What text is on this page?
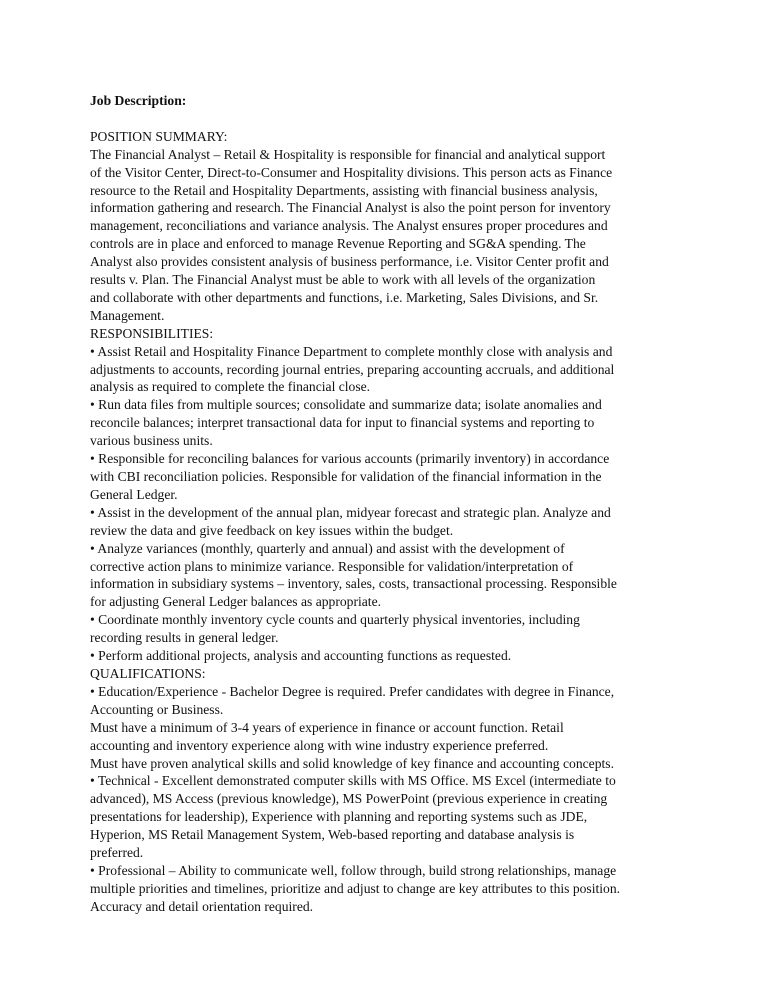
Job Description:
POSITION SUMMARY:
The Financial Analyst – Retail & Hospitality is responsible for financial and analytical support
of the Visitor Center, Direct-to-Consumer and Hospitality divisions. This person acts as Finance
resource to the Retail and Hospitality Departments, assisting with financial business analysis,
information gathering and research. The Financial Analyst is also the point person for inventory
management, reconciliations and variance analysis. The Analyst ensures proper procedures and
controls are in place and enforced to manage Revenue Reporting and SG&A spending. The
Analyst also provides consistent analysis of business performance, i.e. Visitor Center profit and
results v. Plan. The Financial Analyst must be able to work with all levels of the organization
and collaborate with other departments and functions, i.e. Marketing, Sales Divisions, and Sr.
Management.
RESPONSIBILITIES:
• Assist Retail and Hospitality Finance Department to complete monthly close with analysis and
adjustments to accounts, recording journal entries, preparing accounting accruals, and additional
analysis as required to complete the financial close.
• Run data files from multiple sources; consolidate and summarize data; isolate anomalies and
reconcile balances; interpret transactional data for input to financial systems and reporting to
various business units.
• Responsible for reconciling balances for various accounts (primarily inventory) in accordance
with CBI reconciliation policies. Responsible for validation of the financial information in the
General Ledger.
• Assist in the development of the annual plan, midyear forecast and strategic plan. Analyze and
review the data and give feedback on key issues within the budget.
• Analyze variances (monthly, quarterly and annual) and assist with the development of
corrective action plans to minimize variance. Responsible for validation/interpretation of
information in subsidiary systems – inventory, sales, costs, transactional processing. Responsible
for adjusting General Ledger balances as appropriate.
• Coordinate monthly inventory cycle counts and quarterly physical inventories, including
recording results in general ledger.
• Perform additional projects, analysis and accounting functions as requested.
QUALIFICATIONS:
• Education/Experience - Bachelor Degree is required. Prefer candidates with degree in Finance,
Accounting or Business.
Must have a minimum of 3-4 years of experience in finance or account function. Retail
accounting and inventory experience along with wine industry experience preferred.
Must have proven analytical skills and solid knowledge of key finance and accounting concepts.
• Technical - Excellent demonstrated computer skills with MS Office. MS Excel (intermediate to
advanced), MS Access (previous knowledge), MS PowerPoint (previous experience in creating
presentations for leadership), Experience with planning and reporting systems such as JDE,
Hyperion, MS Retail Management System, Web-based reporting and database analysis is
preferred.
• Professional – Ability to communicate well, follow through, build strong relationships, manage
multiple priorities and timelines, prioritize and adjust to change are key attributes to this position.
Accuracy and detail orientation required.
